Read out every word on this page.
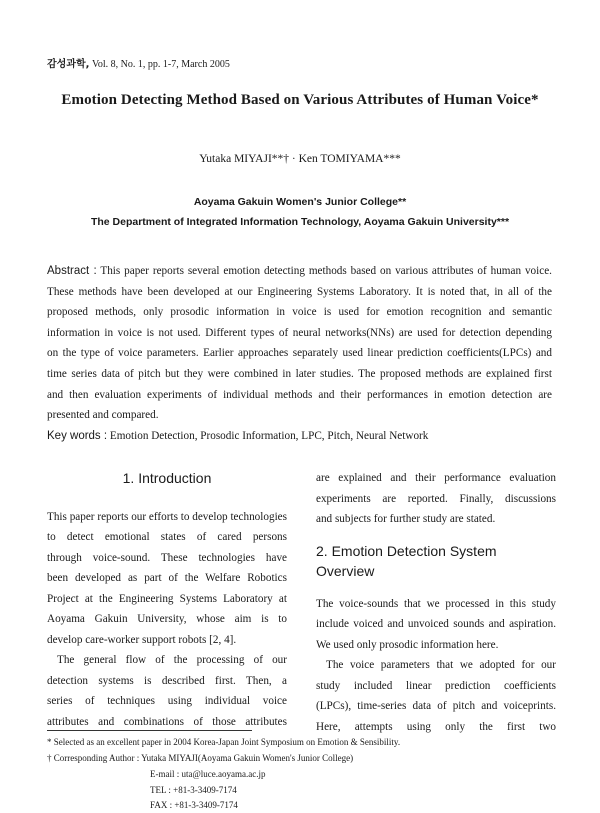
감성과학, Vol. 8, No. 1, pp. 1-7, March 2005
Emotion Detecting Method Based on Various Attributes of Human Voice*
Yutaka MIYAJI**† · Ken TOMIYAMA***
Aoyama Gakuin Women's Junior College**
The Department of Integrated Information Technology, Aoyama Gakuin University***
Abstract : This paper reports several emotion detecting methods based on various attributes of human voice.
These methods have been developed at our Engineering Systems Laboratory. It is noted that, in all of the
proposed methods, only prosodic information in voice is used for emotion recognition and semantic
information in voice is not used. Different types of neural networks(NNs) are used for detection depending
on the type of voice parameters. Earlier approaches separately used linear prediction coefficients(LPCs) and
time series data of pitch but they were combined in later studies. The proposed methods are explained first
and then evaluation experiments of individual methods and their performances in emotion detection are
presented and compared.
Key words : Emotion Detection, Prosodic Information, LPC, Pitch, Neural Network
1. Introduction
This paper reports our efforts to develop technologies
to detect emotional states of cared persons
through voice-sound. These technologies have
been developed as part of the Welfare Robotics
Project at the Engineering Systems Laboratory at
Aoyama Gakuin University, whose aim is to
develop care-worker support robots [2, 4].
The general flow of the processing of our
detection systems is described first. Then, a
series of techniques using individual voice
attributes and combinations of those attributes
are explained and their performance evaluation
experiments are reported. Finally, discussions
and subjects for further study are stated.
2. Emotion Detection System Overview
The voice-sounds that we processed in this study
include voiced and unvoiced sounds and aspiration.
We used only prosodic information here.
The voice parameters that we adopted for our
study included linear prediction coefficients
(LPCs), time-series data of pitch and voiceprints.
Here, attempts using only the first two
* Selected as an excellent paper in 2004 Korea-Japan Joint Symposium on Emotion & Sensibility.
† Corresponding Author : Yutaka MIYAJI(Aoyama Gakuin Women's Junior College)
E-mail : uta@luce.aoyama.ac.jp
TEL : +81-3-3409-7174
FAX : +81-3-3409-7174
